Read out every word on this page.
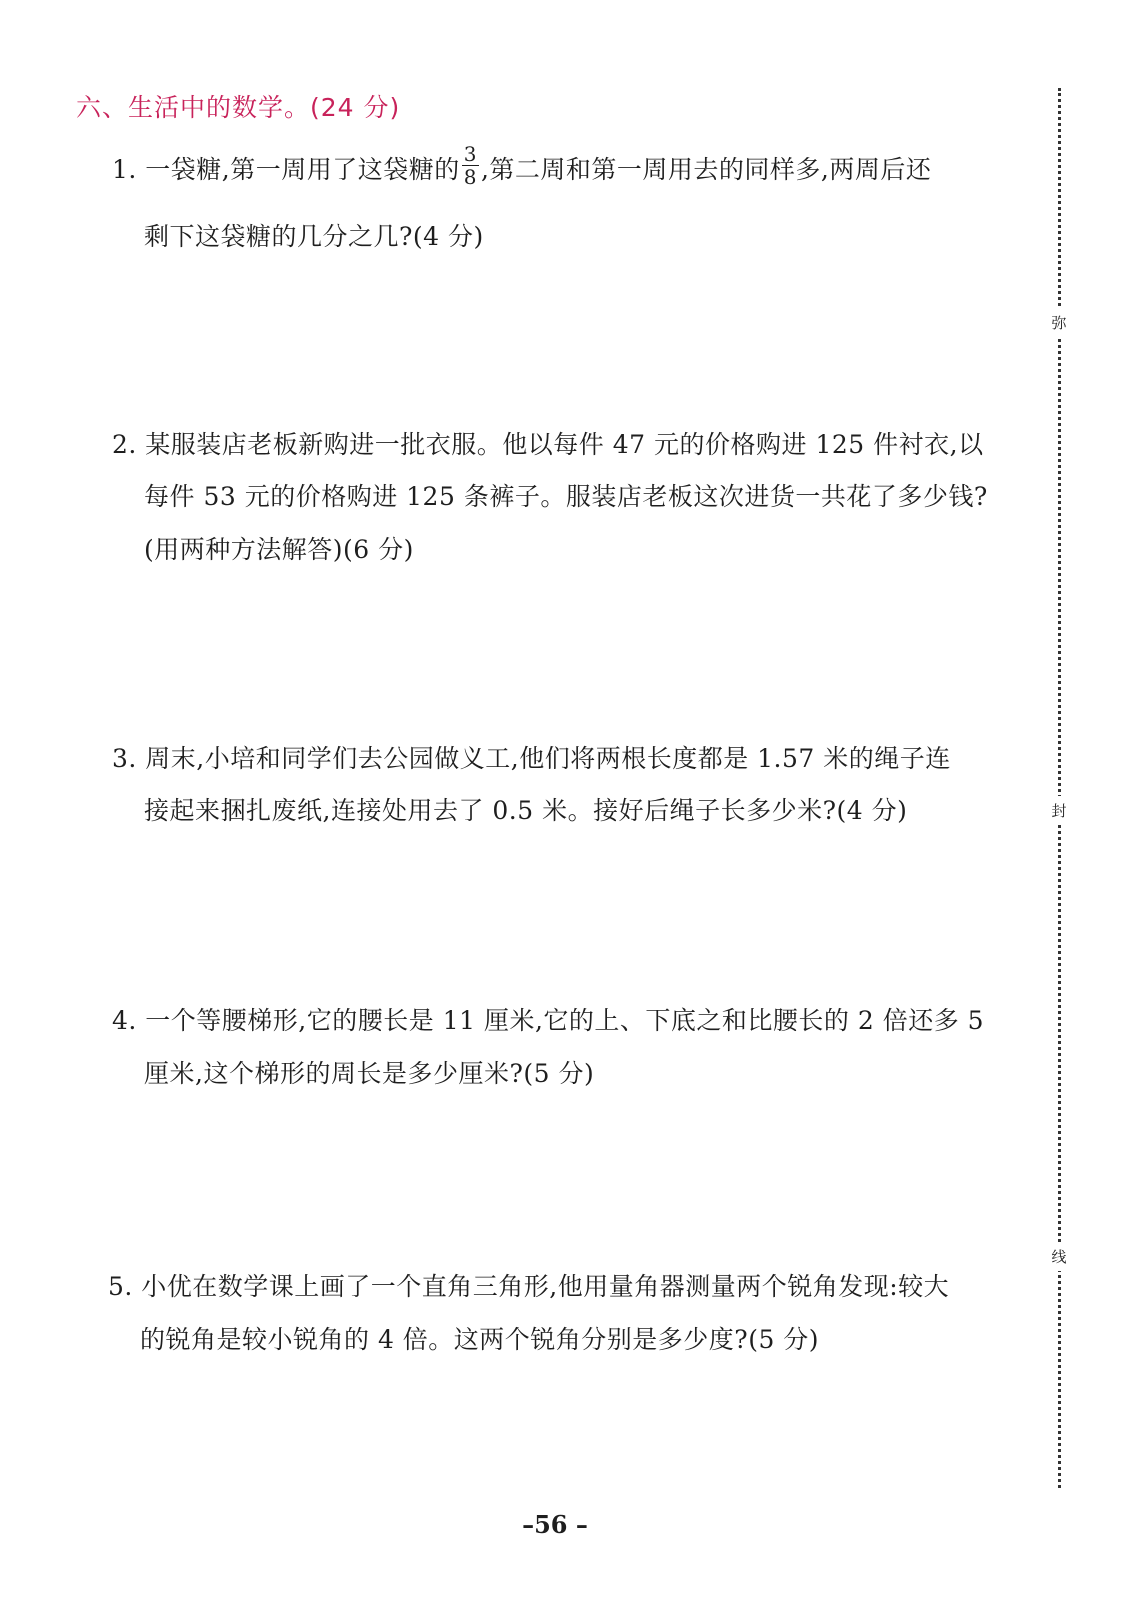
六、生活中的数学。(24 分)
1. 一袋糖,第一周用了这袋糖的 $\frac{3}{8}$ ,第二周和第一周用去的同样多,两周后还
剩下这袋糖的几分之几?(4 分)
2. 某服装店老板新购进一批衣服。他以每件 47 元的价格购进 125 件衬衣,以
每件 53 元的价格购进 125 条裤子。服装店老板这次进货一共花了多少钱?
(用两种方法解答)(6 分)
3. 周末,小培和同学们去公园做义工,他们将两根长度都是 1.57 米的绳子连
接起来捆扎废纸,连接处用去了 0.5 米。接好后绳子长多少米?(4 分)
4. 一个等腰梯形,它的腰长是 11 厘米,它的上、下底之和比腰长的 2 倍还多 5
厘米,这个梯形的周长是多少厘米?(5 分)
5. 小优在数学课上画了一个直角三角形,他用量角器测量两个锐角发现:较大
的锐角是较小锐角的 4 倍。这两个锐角分别是多少度?(5 分)
弥
封
线
–56 –
